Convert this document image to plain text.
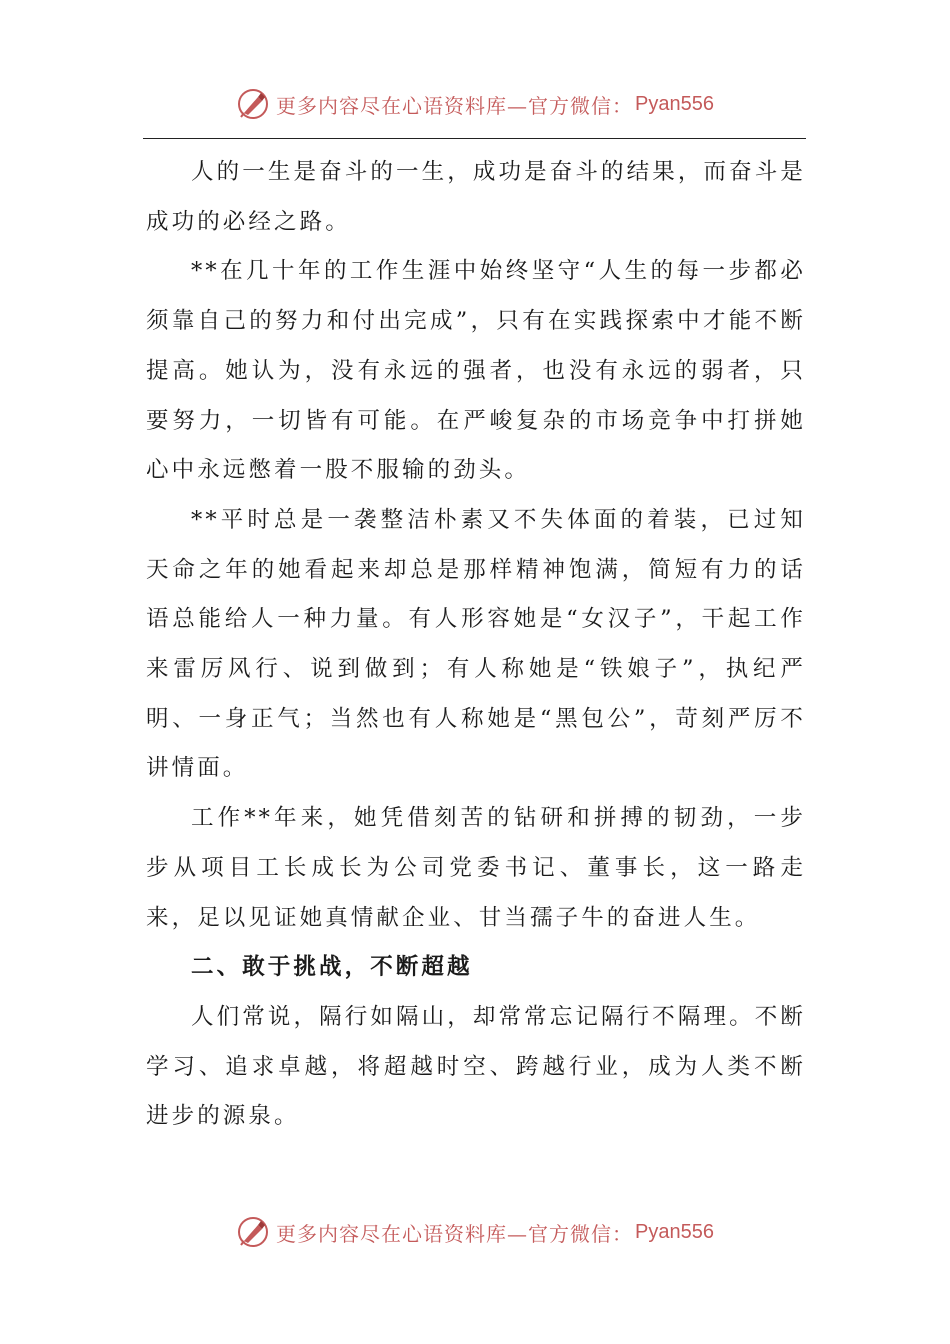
更多内容尽在心语资料库—官方微信： Pyan556

人的一生是奋斗的一生，成功是奋斗的结果，而奋斗是成功的必经之路。

**在几十年的工作生涯中始终坚守“人生的每一步都必须靠自己的努力和付出完成”，只有在实践探索中才能不断提高。她认为，没有永远的强者，也没有永远的弱者，只要努力，一切皆有可能。在严峻复杂的市场竞争中打拼她心中永远憋着一股不服输的劲头。

**平时总是一袭整洁朴素又不失体面的着装，已过知天命之年的她看起来却总是那样精神饱满，简短有力的话语总能给人一种力量。有人形容她是“女汉子”，干起工作来雷厉风行、说到做到；有人称她是“铁娘子”，执纪严明、一身正气；当然也有人称她是“黑包公”，苛刻严厉不讲情面。

工作**年来，她凭借刻苦的钻研和拼搏的韧劲，一步步从项目工长成长为公司党委书记、董事长，这一路走来，足以见证她真情献企业、甘当孺子牛的奋进人生。

二、敢于挑战，不断超越

人们常说，隔行如隔山，却常常忘记隔行不隔理。不断学习、追求卓越，将超越时空、跨越行业，成为人类不断进步的源泉。

更多内容尽在心语资料库—官方微信： Pyan556
